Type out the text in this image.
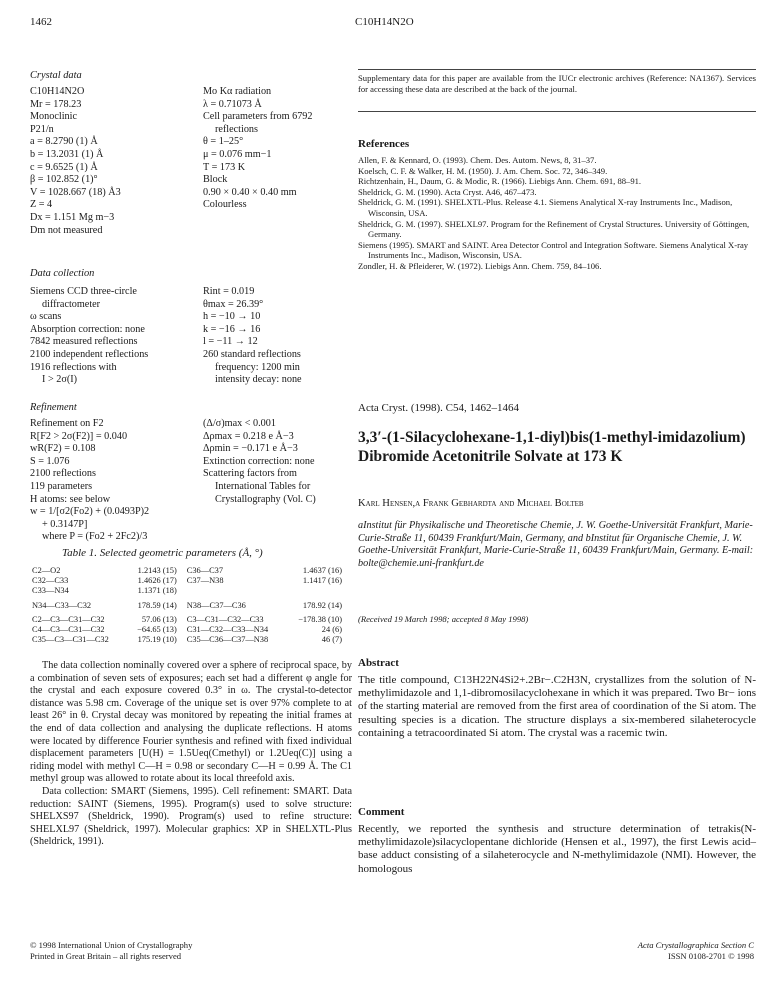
1462	C10H14N2O
Crystal data
C10H14N2O
Mr = 178.23
Monoclinic
P21/n
a = 8.2790 (1) Å
b = 13.2031 (1) Å
c = 9.6525 (1) Å
β = 102.852 (1)°
V = 1028.667 (18) Å3
Z = 4
Dx = 1.151 Mg m−3
Dm not measured
Mo Kα radiation
λ = 0.71073 Å
Cell parameters from 6792
reflections
θ = 1–25°
μ = 0.076 mm−1
T = 173 K
Block
0.90 × 0.40 × 0.40 mm
Colourless
Data collection
Siemens CCD three-circle
diffractometer
ω scans
Absorption correction: none
7842 measured reflections
2100 independent reflections
1916 reflections with
I > 2σ(I)
Rint = 0.019
θmax = 26.39°
h = −10 → 10
k = −16 → 16
l = −11 → 12
260 standard reflections
frequency: 1200 min
intensity decay: none
Refinement
Refinement on F2
R[F2 > 2σ(F2)] = 0.040
wR(F2) = 0.108
S = 1.076
2100 reflections
119 parameters
H atoms: see below
w = 1/[σ2(Fo2) + (0.0493P)2
+ 0.3147P]
where P = (Fo2 + 2Fc2)/3
(Δ/σ)max < 0.001
Δρmax = 0.218 e Å−3
Δρmin = −0.171 e Å−3
Extinction correction: none
Scattering factors from
International Tables for
Crystallography (Vol. C)
Table 1. Selected geometric parameters (Å, °)
C2—O2	1.2143 (15)	C36—C37	1.4637 (16)
C32—C33	1.4626 (17)	C37—N38	1.1417 (16)
C33—N34	1.1371 (18)		

N34—C33—C32	178.59 (14)	N38—C37—C36	178.92 (14)

C2—C3—C31—C32	57.06 (13)	C3—C31—C32—C33	−178.38 (10)
C4—C3—C31—C32	−64.65 (13)	C31—C32—C33—N34	24 (6)
C35—C3—C31—C32	175.19 (10)	C35—C36—C37—N38	46 (7)
The data collection nominally covered over a sphere of reciprocal space, by a combination of seven sets of exposures; each set had a different φ angle for the crystal and each exposure covered 0.3° in ω. The crystal-to-detector distance was 5.98 cm. Coverage of the unique set is over 97% complete to at least 26° in θ. Crystal decay was monitored by repeating the initial frames at the end of data collection and analysing the duplicate reflections. H atoms were located by difference Fourier synthesis and refined with fixed individual displacement parameters [U(H) = 1.5Ueq(Cmethyl) or 1.2Ueq(C)] using a riding model with methyl C—H = 0.98 or secondary C—H = 0.99 Å. The C1 methyl group was allowed to rotate about its local threefold axis.
Data collection: SMART (Siemens, 1995). Cell refinement: SMART. Data reduction: SAINT (Siemens, 1995). Program(s) used to solve structure: SHELXS97 (Sheldrick, 1990). Program(s) used to refine structure: SHELXL97 (Sheldrick, 1997). Molecular graphics: XP in SHELXTL-Plus (Sheldrick, 1991).
© 1998 International Union of Crystallography
Printed in Great Britain – all rights reserved
Acta Crystallographica Section C
ISSN 0108-2701 © 1998
Supplementary data for this paper are available from the IUCr electronic archives (Reference: NA1367). Services for accessing these data are described at the back of the journal.
References
Allen, F. & Kennard, O. (1993). Chem. Des. Autom. News, 8, 31–37.
Koelsch, C. F. & Walker, H. M. (1950). J. Am. Chem. Soc. 72, 346–349.
Richtzenhain, H., Daum, G. & Modic, R. (1966). Liebigs Ann. Chem. 691, 88–91.
Sheldrick, G. M. (1990). Acta Cryst. A46, 467–473.
Sheldrick, G. M. (1991). SHELXTL-Plus. Release 4.1. Siemens Analytical X-ray Instruments Inc., Madison, Wisconsin, USA.
Sheldrick, G. M. (1997). SHELXL97. Program for the Refinement of Crystal Structures. University of Göttingen, Germany.
Siemens (1995). SMART and SAINT. Area Detector Control and Integration Software. Siemens Analytical X-ray Instruments Inc., Madison, Wisconsin, USA.
Zondler, H. & Pfleiderer, W. (1972). Liebigs Ann. Chem. 759, 84–106.
Acta Cryst. (1998). C54, 1462–1464
3,3′-(1-Silacyclohexane-1,1-diyl)bis(1-methyl-imidazolium) Dibromide Acetonitrile Solvate at 173 K
Karl Hensen,a Frank Gebhardta and Michael Bolteb
aInstitut für Physikalische und Theoretische Chemie, J. W. Goethe-Universität Frankfurt, Marie-Curie-Straße 11, 60439 Frankfurt/Main, Germany, and bInstitut für Organische Chemie, J. W. Goethe-Universität Frankfurt, Marie-Curie-Straße 11, 60439 Frankfurt/Main, Germany. E-mail: bolte@chemie.uni-frankfurt.de
(Received 19 March 1998; accepted 8 May 1998)
Abstract
The title compound, C13H22N4Si2+.2Br−.C2H3N, crystallizes from the solution of N-methylimidazole and 1,1-dibromosilacyclohexane in which it was prepared. Two Br− ions of the starting material are removed from the first area of coordination of the Si atom. The resulting species is a dication. The structure displays a six-membered silaheterocycle containing a tetracoordinated Si atom. The crystal was a racemic twin.
Comment
Recently, we reported the synthesis and structure determination of tetrakis(N-methylimidazole)silacyclopentane dichloride (Hensen et al., 1997), the first Lewis acid–base adduct consisting of a silaheterocycle and N-methylimidazole (NMI). However, the homologous
